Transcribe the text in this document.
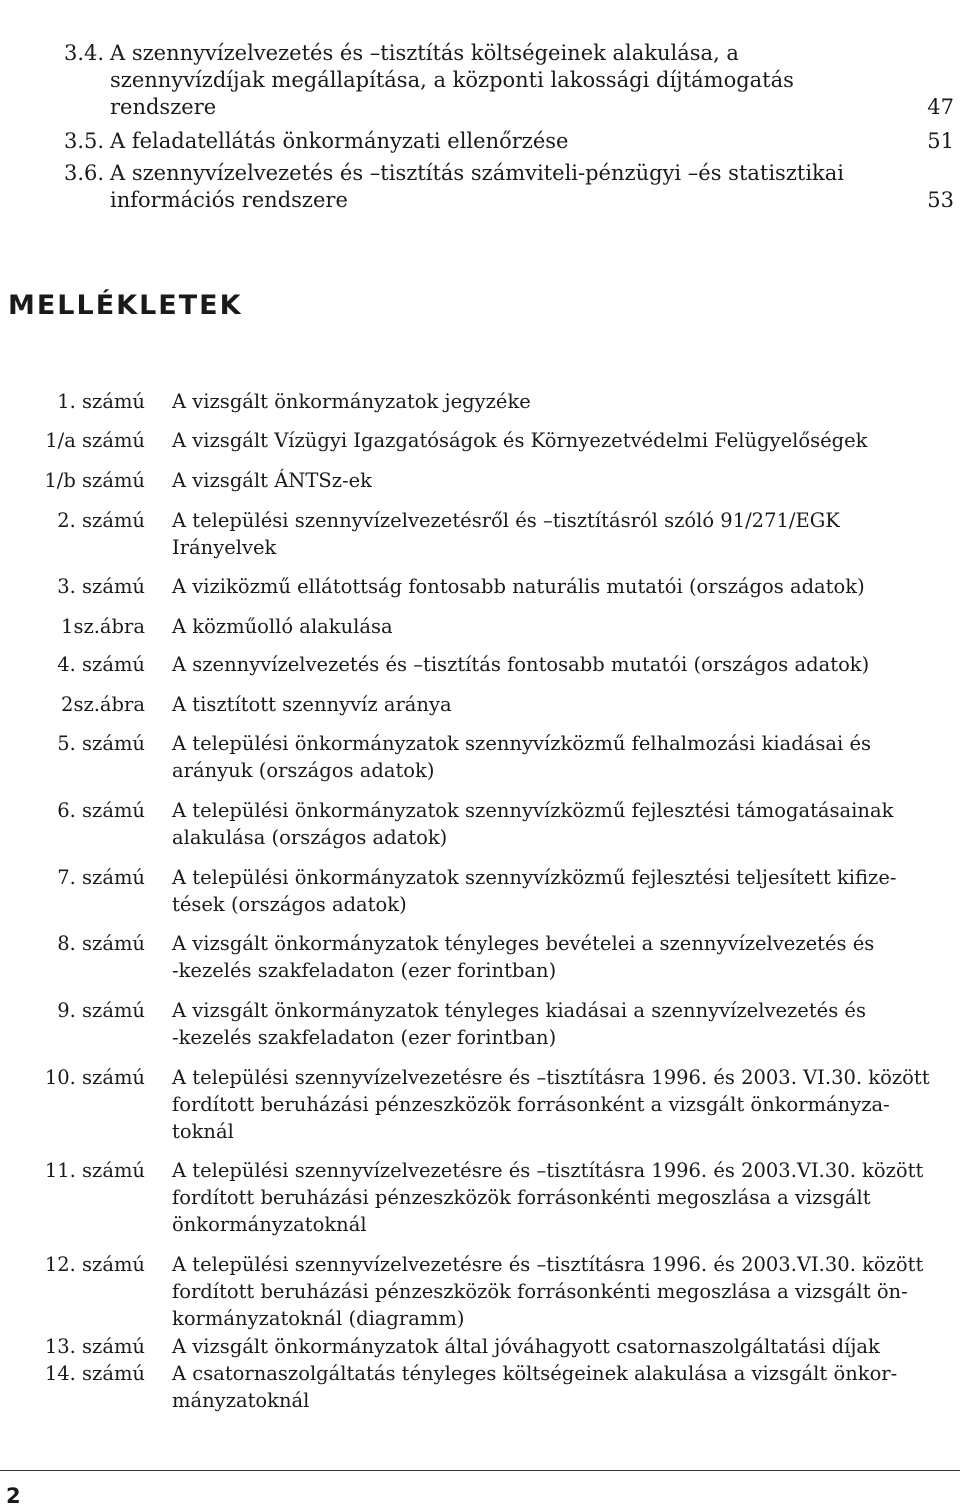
3.4. A szennyvízelvezetés és –tisztítás költségeinek alakulása, a
szennyvízdíjak megállapítása, a központi lakossági díjtámogatás
rendszere	47
3.5. A feladatellátás önkormányzati ellenőrzése	51
3.6. A szennyvízelvezetés és –tisztítás számviteli-pénzügyi –és statisztikai
információs rendszere	53
MELLÉKLETEK
1. számú A vizsgált önkormányzatok jegyzéke
1/a számú A vizsgált Vízügyi Igazgatóságok és Környezetvédelmi Felügyelőségek
1/b számú A vizsgált ÁNTSz-ek
2. számú A települési szennyvízelvezetésről és –tisztításról szóló 91/271/EGK
Irányelvek
3. számú A viziközmű ellátottság fontosabb naturális mutatói (országos adatok)
1sz.ábra A közműolló alakulása
4. számú A szennyvízelvezetés és –tisztítás fontosabb mutatói (országos adatok)
2sz.ábra A tisztított szennyvíz aránya
5. számú A települési önkormányzatok szennyvízközmű felhalmozási kiadásai és
arányuk (országos adatok)
6. számú A települési önkormányzatok szennyvízközmű fejlesztési támogatásainak
alakulása (országos adatok)
7. számú A települési önkormányzatok szennyvízközmű fejlesztési teljesített kifize-
tések (országos adatok)
8. számú A vizsgált önkormányzatok tényleges bevételei a szennyvízelvezetés és
-kezelés szakfeladaton (ezer forintban)
9. számú A vizsgált önkormányzatok tényleges kiadásai a szennyvízelvezetés és
-kezelés szakfeladaton (ezer forintban)
10. számú A települési szennyvízelvezetésre és –tisztításra 1996. és 2003. VI.30. között
fordított beruházási pénzeszközök forrásonként a vizsgált önkormányza-
toknál
11. számú A települési szennyvízelvezetésre és –tisztításra 1996. és 2003.VI.30. között
fordított beruházási pénzeszközök forrásonkénti megoszlása a vizsgált
önkormányzatoknál
12. számú A települési szennyvízelvezetésre és –tisztításra 1996. és 2003.VI.30. között
fordított beruházási pénzeszközök forrásonkénti megoszlása a vizsgált ön-
kormányzatoknál (diagramm)
13. számú A vizsgált önkormányzatok által jóváhagyott csatornaszolgáltatási díjak
14. számú A csatornaszolgáltatás tényleges költségeinek alakulása a vizsgált önkor-
mányzatoknál
2
